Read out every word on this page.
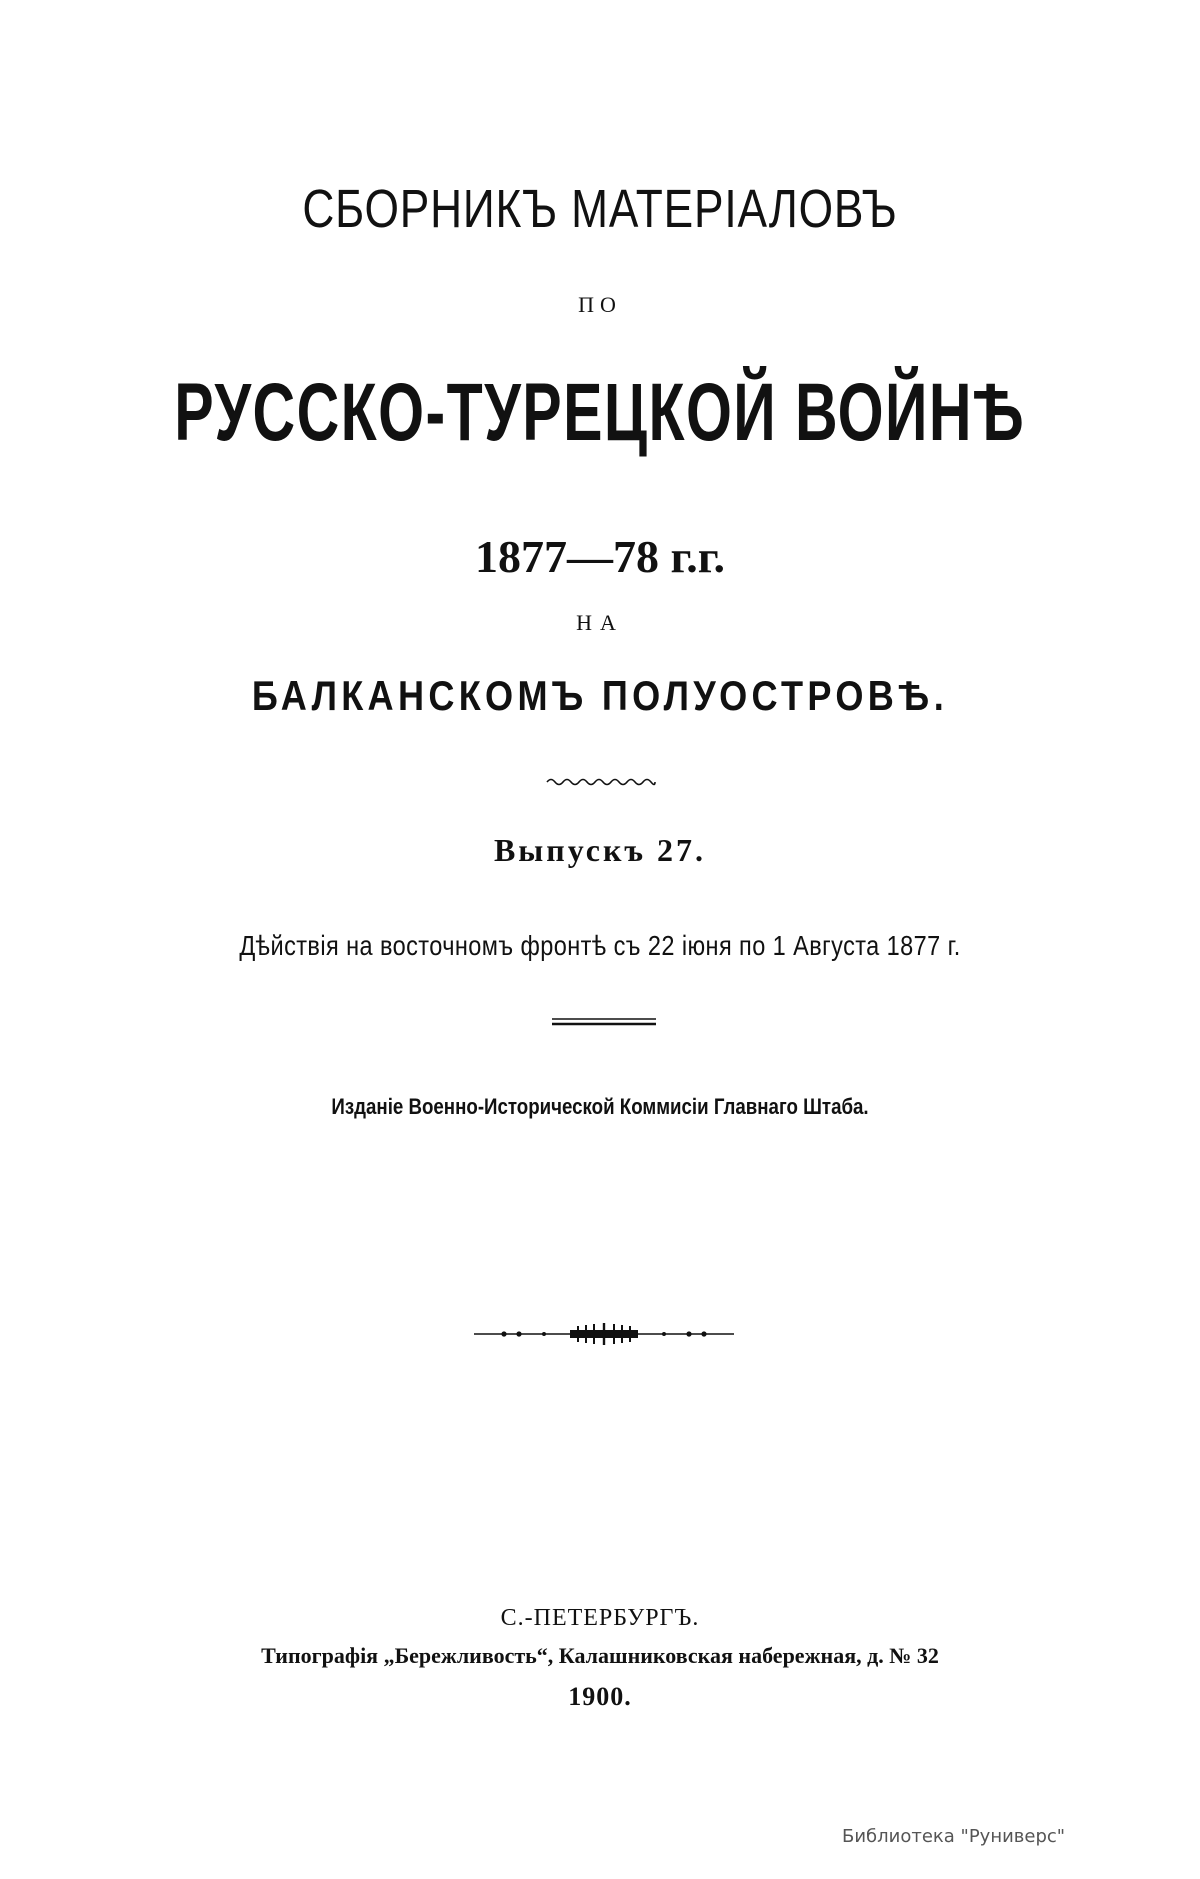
СБОРНИКЪ МАТЕРІАЛОВЪ
ПО
РУССКО-ТУРЕЦКОЙ ВОЙНѢ
1877—78 г.г.
НА
БАЛКАНСКОМЪ ПОЛУОСТРОВѢ.
Выпускъ 27.
Дѣйствія на восточномъ фронтѣ съ 22 іюня по 1 Августа 1877 г.
Изданіе Военно-Исторической Коммисіи Главнаго Штаба.
С.-ПЕТЕРБУРГЪ.
Типографія „Бережливость“, Калашниковская набережная, д. № 32
1900.
Библиотека "Руниверс"
